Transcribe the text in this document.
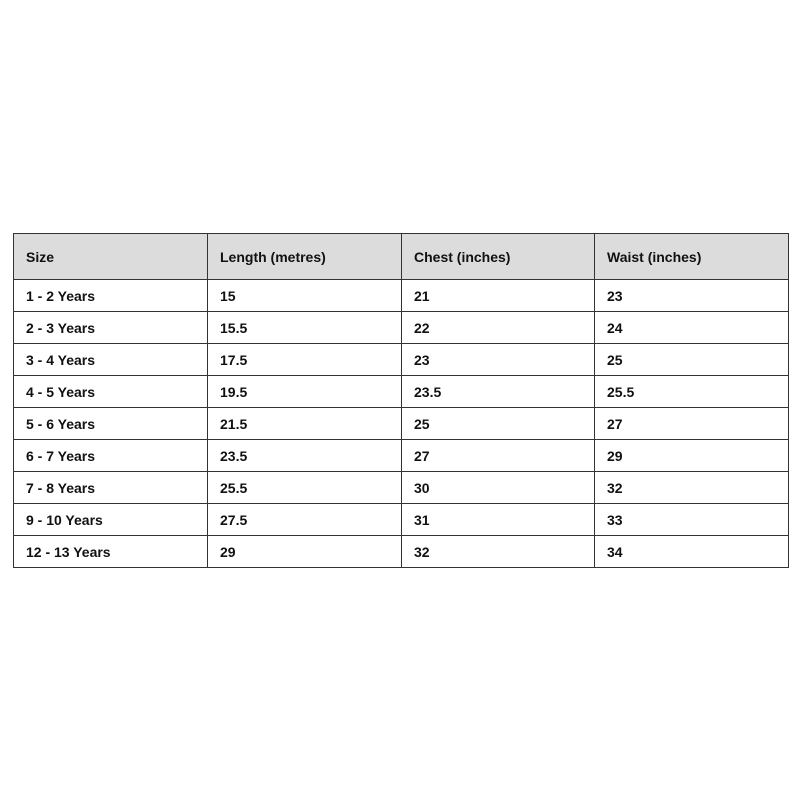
Size	Length (metres)	Chest (inches)	Waist (inches)
1 - 2 Years	15	21	23
2 - 3 Years	15.5	22	24
3 - 4 Years	17.5	23	25
4 - 5 Years	19.5	23.5	25.5
5 - 6 Years	21.5	25	27
6 - 7 Years	23.5	27	29
7 - 8 Years	25.5	30	32
9 - 10 Years	27.5	31	33
12 - 13 Years	29	32	34
